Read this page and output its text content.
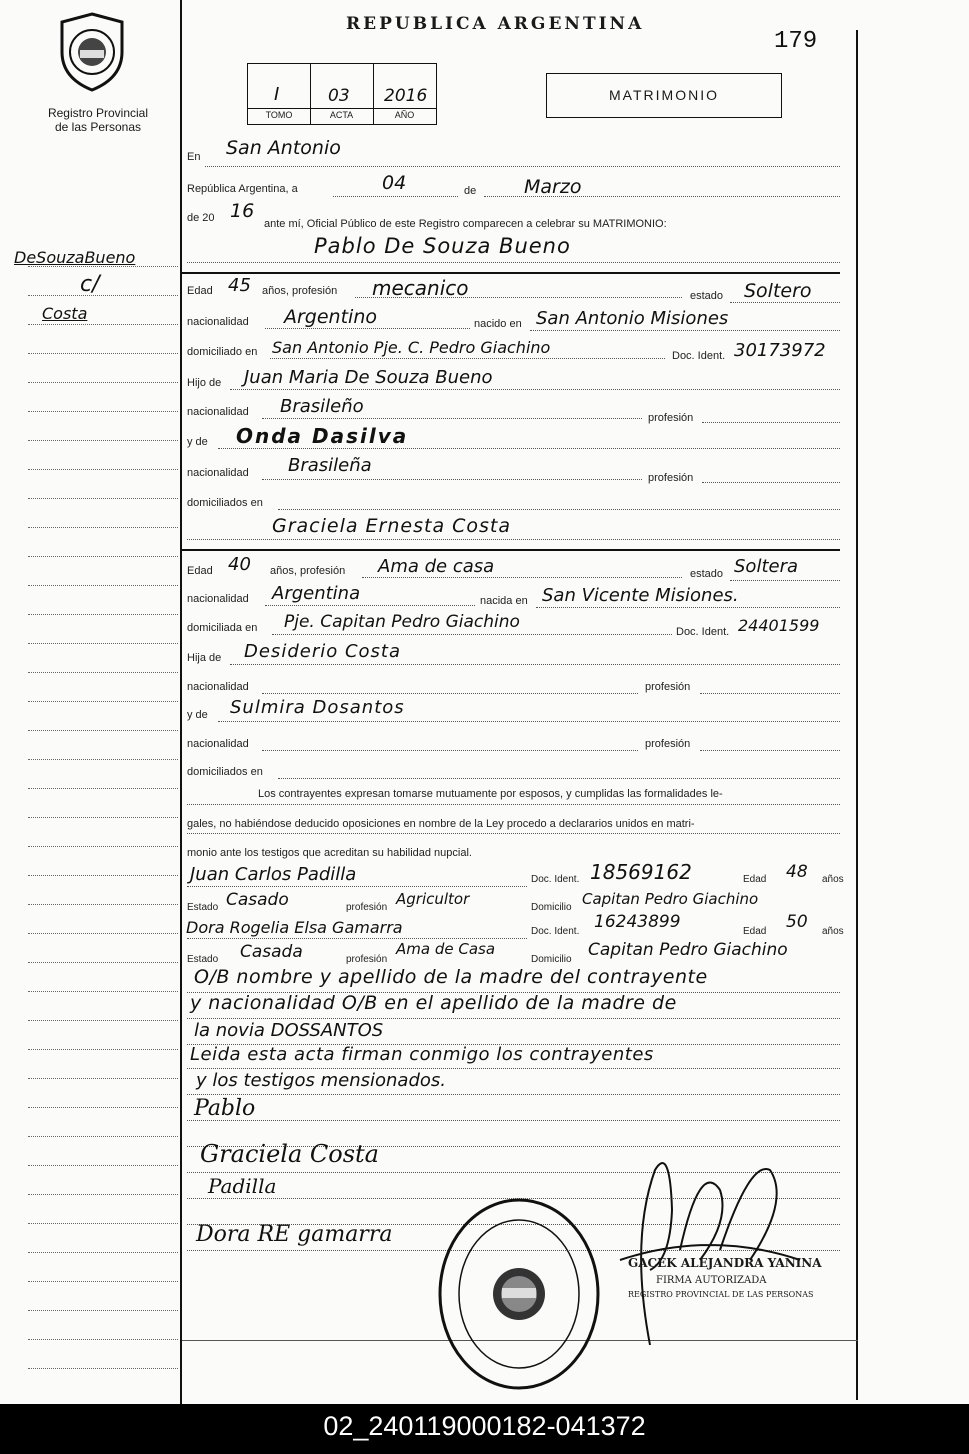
Registro Provincial
de las Personas
REPUBLICA ARGENTINA
179
I	03 2016
TOMO	ACTA	AÑO
MATRIMONIO
DeSouzaBueno
c/
Costa
En San Antonio
República Argentina, a	04	de	Marzo
de 20 16
ante mí, Oficial Público de este Registro comparecen a celebrar su MATRIMONIO:
Pablo De Souza Bueno
Edad 45 años, profesión mecanico	estado Soltero
nacionalidad Argentino	nacido en San Antonio Misiones
domiciliado en San Antonio Pje. C. Pedro Giachino	Doc. Ident. 30173972
Hijo de Juan Maria De Souza Bueno
nacionalidad Brasileño
profesión
y de Onda Dasilva
nacionalidad Brasileña
profesión
domiciliados en
Graciela Ernesta Costa
Edad 40 años, profesión Ama de casa	estado Soltera
nacionalidad Argentina	nacida en San Vicente Misiones.
domiciliada en Pje. Capitan Pedro Giachino	Doc. Ident. 24401599
Hija de Desiderio Costa
nacionalidad	profesión
y de Sulmira Dosantos
nacionalidad	profesión
domiciliados en
Los contrayentes expresan tomarse mutuamente por esposos, y cumplidas las formalidades le-
gales, no habiéndose deducido oposiciones en nombre de la Ley procedo a declararios unidos en matri-
monio ante los testigos que acreditan su habilidad nupcial.
Juan Carlos Padilla	Doc. Ident. 18569162	Edad 48 años
Estado Casado	profesión Agricultor	Domicilio Capitan Pedro Giachino
Dora Rogelia Elsa Gamarra	Doc. Ident. 16243899	Edad 50 años
Estado Casada	profesión
Ama de Casa
Domicilio Capitan Pedro Giachino
O/B nombre y apellido de la madre del contrayente
y nacionalidad O/B en el apellido de la madre de
la novia DOSSANTOS
Leida esta acta firman conmigo los contrayentes
y los testigos mensionados.
Pablo
Graciela Costa
Padilla
Dora RE gamarra
GACEK ALEJANDRA YANINA
FIRMA AUTORIZADA
REGISTRO PROVINCIAL DE LAS PERSONAS
02_240119000182-041372
